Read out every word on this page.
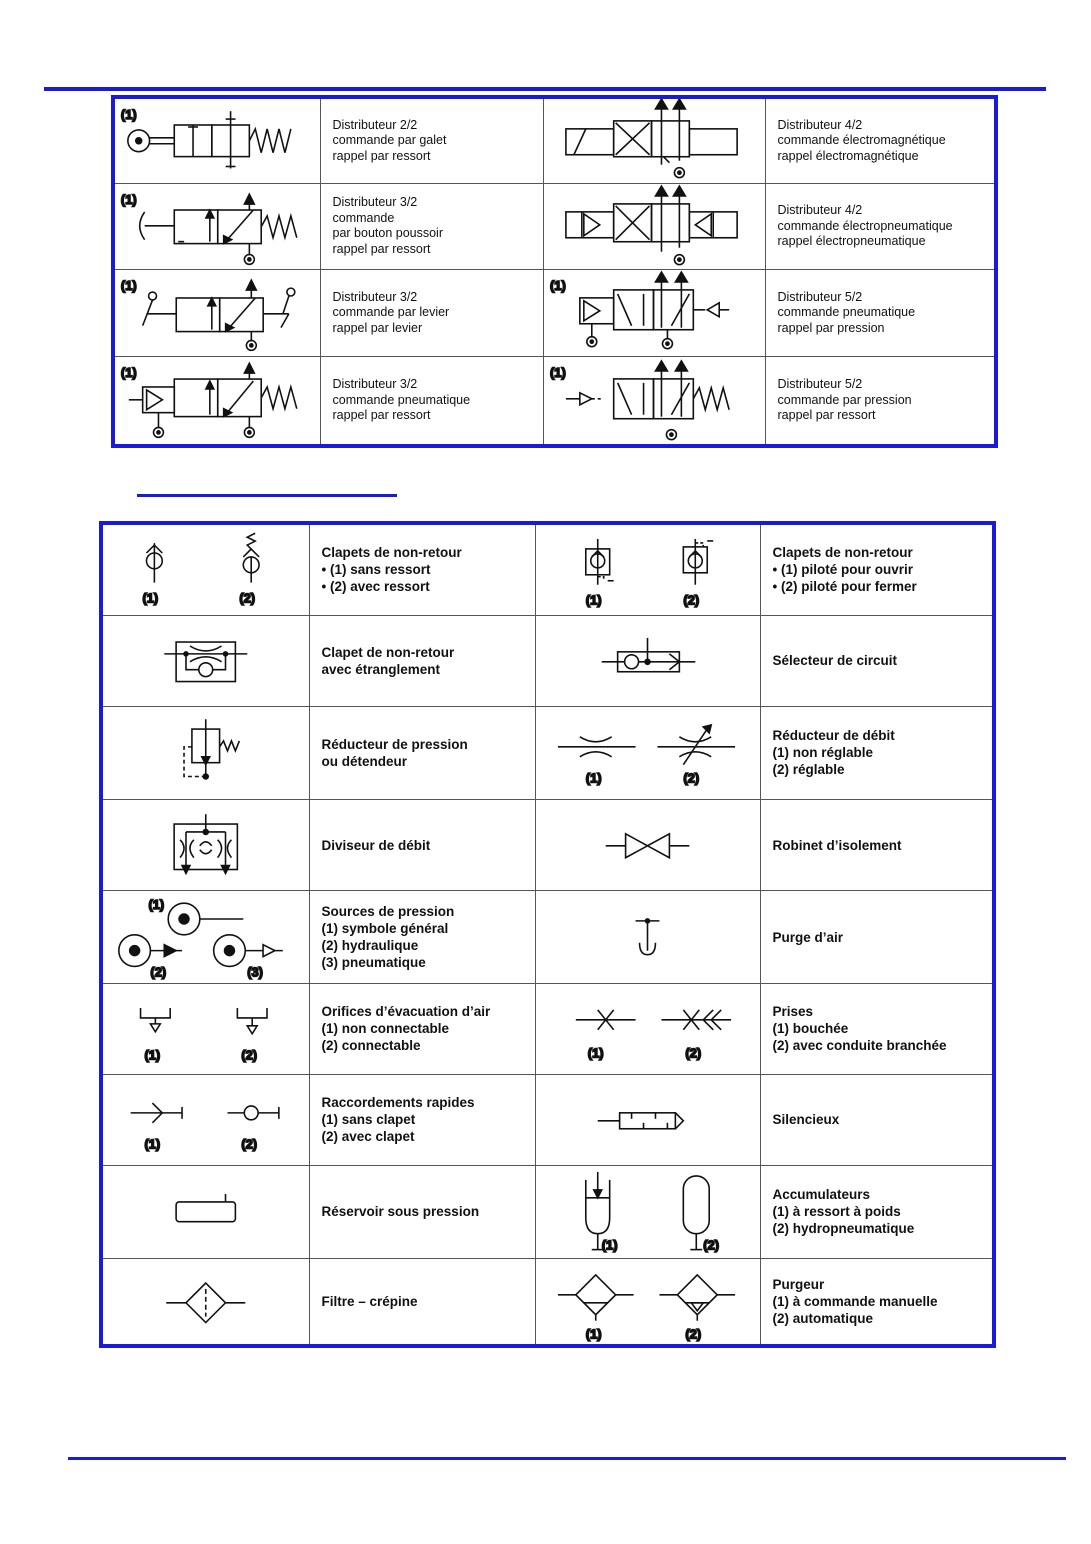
(1)	Distributeur 2/2
commande par galet
rappel par ressort		Distributeur 4/2
commande électromagnétique
rappel électromagnétique

(1)	Distributeur 3/2
commande
par bouton poussoir
rappel par ressort		Distributeur 4/2
commande électropneumatique
rappel électropneumatique

(1)	Distributeur 3/2
commande par levier
rappel par levier	(1)	Distributeur 5/2
commande pneumatique
rappel par pression

(1)	Distributeur 3/2
commande pneumatique
rappel par ressort	(1)	Distributeur 5/2
commande par pression
rappel par ressort
(1) (2)	Clapets de non-retour
• (1) sans ressort
• (2) avec ressort	(1) (2)	Clapets de non-retour
• (1) piloté pour ouvrir
• (2) piloté pour fermer

Clapet de non-retour
avec étranglement		Sélecteur de circuit

Réducteur de pression
ou détendeur	(1) (2)	Réducteur de débit
(1) non réglable
(2) réglable

Diviseur de débit		Robinet d’isolement

(1)
(2) (3)	Sources de pression
(1) symbole général
(2) hydraulique
(3) pneumatique		Purge d’air

(1) (2)	Orifices d’évacuation d’air
(1) non connectable
(2) connectable	(1) (2)	Prises
(1) bouchée
(2) avec conduite branchée

(1) (2)	Raccordements rapides
(1) sans clapet
(2) avec clapet		Silencieux

Réservoir sous pression	(1) (2)	Accumulateurs
(1) à ressort à poids
(2) hydropneumatique

Filtre – crépine	(1) (2)	Purgeur
(1) à commande manuelle
(2) automatique
